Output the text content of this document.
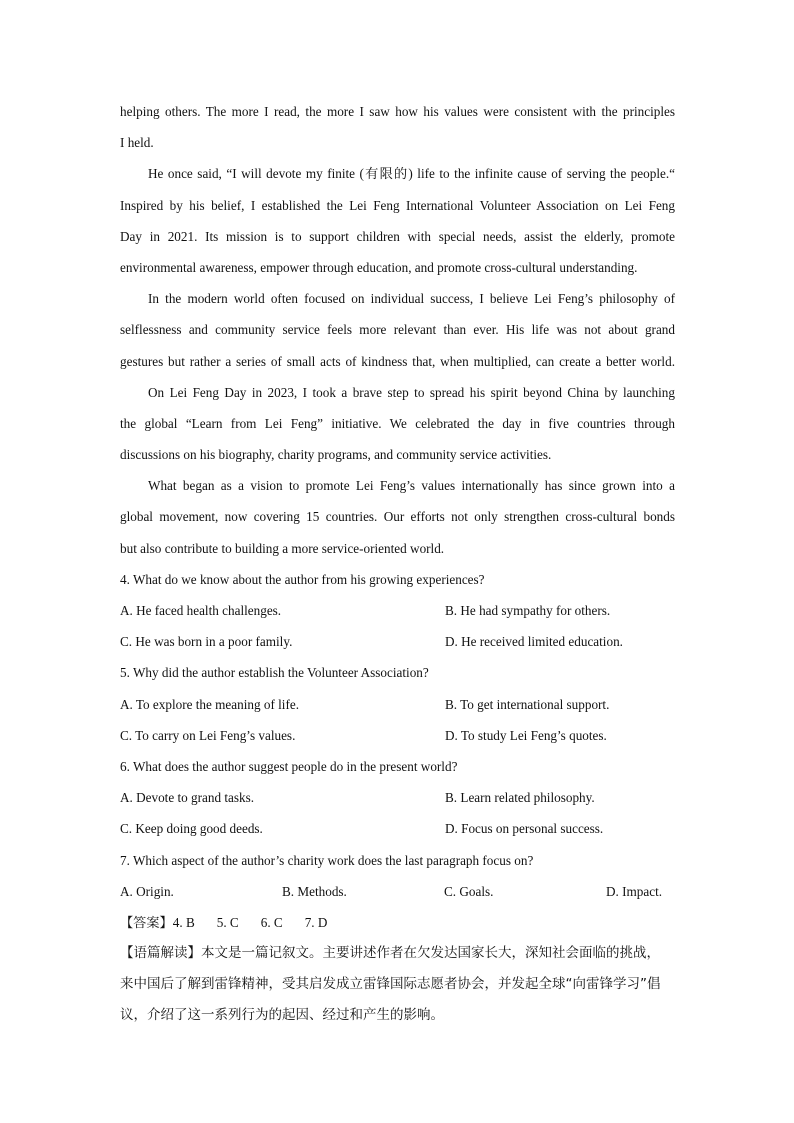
helping others. The more I read, the more I saw how his values were consistent with the principles
I held.
He once said, “I will devote my finite (有限的) life to the infinite cause of serving the people.“
Inspired by his belief, I established the Lei Feng International Volunteer Association on Lei Feng
Day in 2021. Its mission is to support children with special needs, assist the elderly, promote
environmental awareness, empower through education, and promote cross-cultural understanding.
In the modern world often focused on individual success, I believe Lei Feng’s philosophy of
selflessness and community service feels more relevant than ever. His life was not about grand
gestures but rather a series of small acts of kindness that, when multiplied, can create a better world.
On Lei Feng Day in 2023, I took a brave step to spread his spirit beyond China by launching
the global “Learn from Lei Feng” initiative. We celebrated the day in five countries through
discussions on his biography, charity programs, and community service activities.
What began as a vision to promote Lei Feng’s values internationally has since grown into a
global movement, now covering 15 countries. Our efforts not only strengthen cross-cultural bonds
but also contribute to building a more service-oriented world.
4. What do we know about the author from his growing experiences?
A. He faced health challenges.	B. He had sympathy for others.
C. He was born in a poor family.	D. He received limited education.
5. Why did the author establish the Volunteer Association?
A. To explore the meaning of life.	B. To get international support.
C. To carry on Lei Feng’s values.	D. To study Lei Feng’s quotes.
6. What does the author suggest people do in the present world?
A. Devote to grand tasks.	B. Learn related philosophy.
C. Keep doing good deeds.	D. Focus on personal success.
7. Which aspect of the author’s charity work does the last paragraph focus on?
A. Origin.	B. Methods.	C. Goals.	D. Impact.
【答案】4. B 5. C 6. C 7. D
【语篇解读】本文是一篇记叙文。主要讲述作者在欠发达国家长大，深知社会面临的挑战，
来中国后了解到雷锋精神，受其启发成立雷锋国际志愿者协会，并发起全球“向雷锋学习”倡
议，介绍了这一系列行为的起因、经过和产生的影响。
